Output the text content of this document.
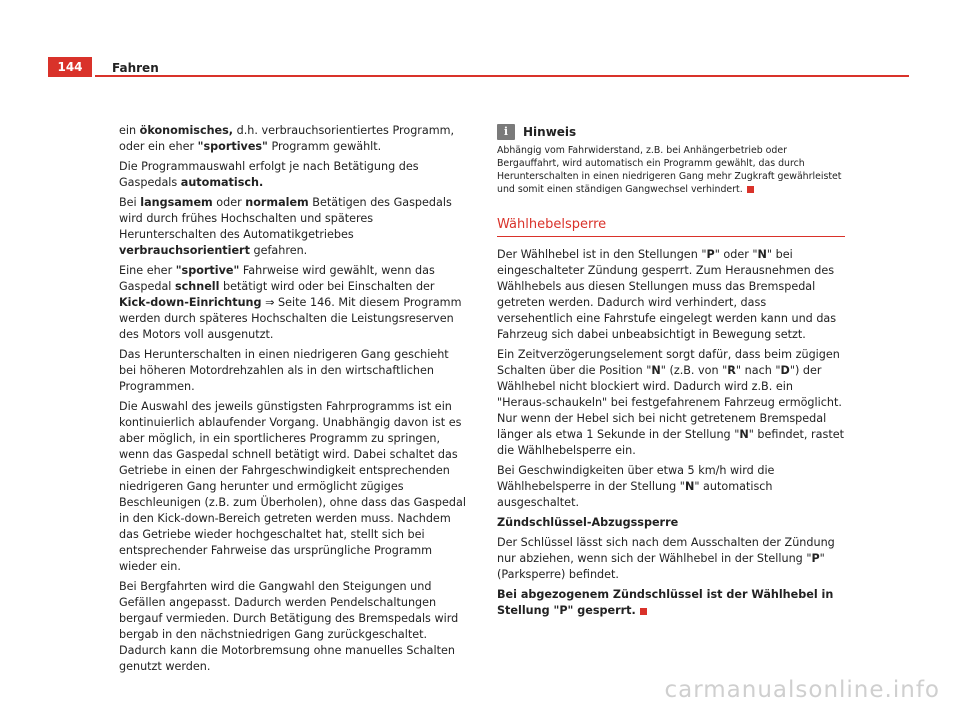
144	Fahren

ein ökonomisches, d.h. verbrauchsorientiertes Programm, oder ein eher "sportives" Programm gewählt.

Die Programmauswahl erfolgt je nach Betätigung des Gaspedals automatisch.

Bei langsamem oder normalem Betätigen des Gaspedals wird durch frühes Hochschalten und späteres Herunterschalten des Automatikgetriebes verbrauchsorientiert gefahren.

Eine eher "sportive" Fahrweise wird gewählt, wenn das Gaspedal schnell betätigt wird oder bei Einschalten der Kick-down-Einrichtung ⇒ Seite 146. Mit diesem Programm werden durch späteres Hochschalten die Leistungsreserven des Motors voll ausgenutzt.

Das Herunterschalten in einen niedrigeren Gang geschieht bei höheren Motordrehzahlen als in den wirtschaftlichen Programmen.

Die Auswahl des jeweils günstigsten Fahrprogramms ist ein kontinuierlich ablaufender Vorgang. Unabhängig davon ist es aber möglich, in ein sportlicheres Programm zu springen, wenn das Gaspedal schnell betätigt wird. Dabei schaltet das Getriebe in einen der Fahrgeschwindigkeit entsprechenden niedrigeren Gang herunter und ermöglicht zügiges Beschleunigen (z.B. zum Überholen), ohne dass das Gaspedal in den Kick-down-Bereich getreten werden muss. Nachdem das Getriebe wieder hochgeschaltet hat, stellt sich bei entsprechender Fahrweise das ursprüngliche Programm wieder ein.

Bei Bergfahrten wird die Gangwahl den Steigungen und Gefällen angepasst. Dadurch werden Pendelschaltungen bergauf vermieden. Durch Betätigung des Bremspedals wird bergab in den nächstniedrigen Gang zurückgeschaltet. Dadurch kann die Motorbremsung ohne manuelles Schalten genutzt werden.

i	Hinweis

Abhängig vom Fahrwiderstand, z.B. bei Anhängerbetrieb oder Bergauffahrt, wird automatisch ein Programm gewählt, das durch Herunterschalten in einen niedrigeren Gang mehr Zugkraft gewährleistet und somit einen ständigen Gangwechsel verhindert.

Wählhebelsperre

Der Wählhebel ist in den Stellungen "P" oder "N" bei eingeschalteter Zündung gesperrt. Zum Herausnehmen des Wählhebels aus diesen Stellungen muss das Bremspedal getreten werden. Dadurch wird verhindert, dass versehentlich eine Fahrstufe eingelegt werden kann und das Fahrzeug sich dabei unbeabsichtigt in Bewegung setzt.

Ein Zeitverzögerungselement sorgt dafür, dass beim zügigen Schalten über die Position "N" (z.B. von "R" nach "D") der Wählhebel nicht blockiert wird. Dadurch wird z.B. ein "Heraus-schaukeln" bei festgefahrenem Fahrzeug ermöglicht. Nur wenn der Hebel sich bei nicht getretenem Bremspedal länger als etwa 1 Sekunde in der Stellung "N" befindet, rastet die Wählhebelsperre ein.

Bei Geschwindigkeiten über etwa 5 km/h wird die Wählhebelsperre in der Stellung "N" automatisch ausgeschaltet.

Zündschlüssel-Abzugssperre

Der Schlüssel lässt sich nach dem Ausschalten der Zündung nur abziehen, wenn sich der Wählhebel in der Stellung "P" (Parksperre) befindet.

Bei abgezogenem Zündschlüssel ist der Wählhebel in Stellung "P" gesperrt.

carmanualsonline.info
